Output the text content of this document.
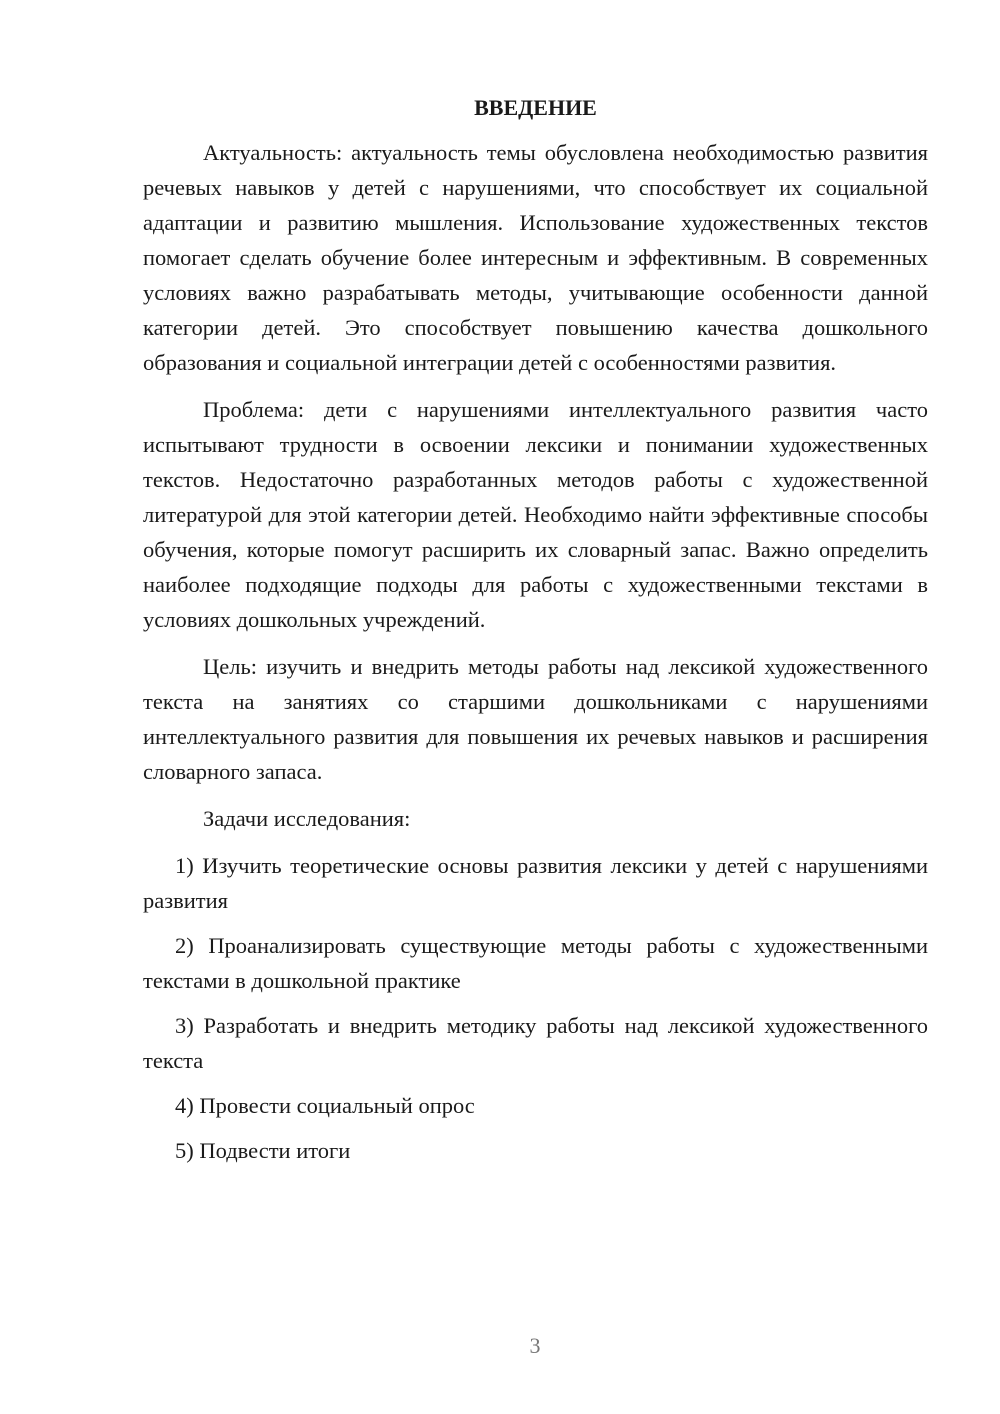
ВВЕДЕНИЕ

Актуальность: актуальность темы обусловлена необходимостью развития речевых навыков у детей с нарушениями, что способствует их социальной адаптации и развитию мышления. Использование художественных текстов помогает сделать обучение более интересным и эффективным. В современных условиях важно разрабатывать методы, учитывающие особенности данной категории детей. Это способствует повышению качества дошкольного образования и социальной интеграции детей с особенностями развития.

Проблема: дети с нарушениями интеллектуального развития часто испытывают трудности в освоении лексики и понимании художественных текстов. Недостаточно разработанных методов работы с художественной литературой для этой категории детей. Необходимо найти эффективные способы обучения, которые помогут расширить их словарный запас. Важно определить наиболее подходящие подходы для работы с художественными текстами в условиях дошкольных учреждений.

Цель: изучить и внедрить методы работы над лексикой художественного текста на занятиях со старшими дошкольниками с нарушениями интеллектуального развития для повышения их речевых навыков и расширения словарного запаса.

Задачи исследования:

1) Изучить теоретические основы развития лексики у детей с нарушениями развития

2) Проанализировать существующие методы работы с художественными текстами в дошкольной практике

3) Разработать и внедрить методику работы над лексикой художественного текста

4) Провести социальный опрос

5) Подвести итоги

3
